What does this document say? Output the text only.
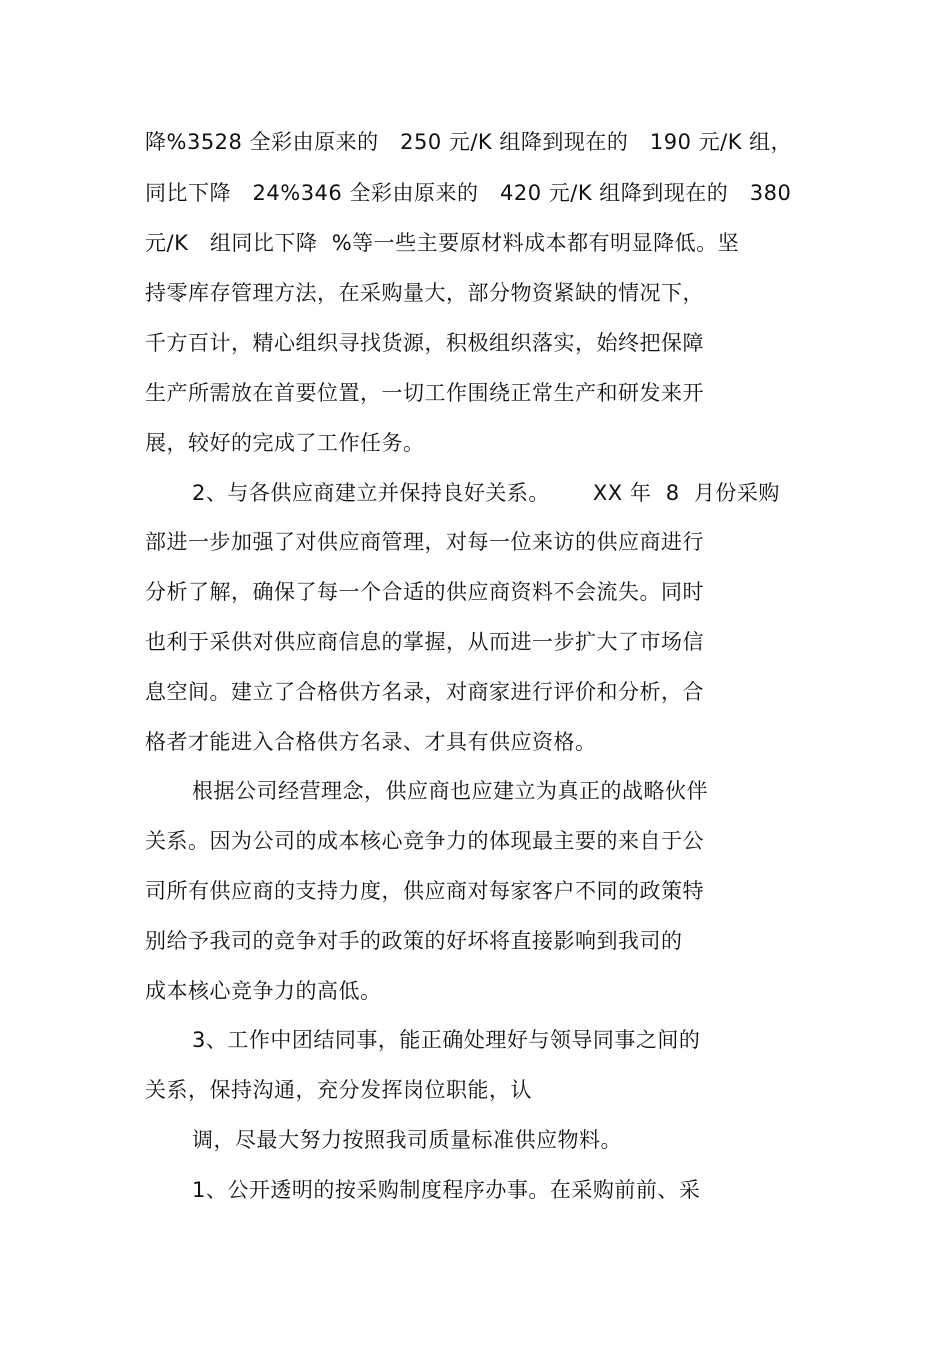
降%3528 全彩由原来的   250 元/K 组降到现在的   190 元/K 组，
同比下降   24%346 全彩由原来的   420 元/K 组降到现在的   380
元/K   组同比下降  %等一些主要原材料成本都有明显降低。坚
持零库存管理方法，在采购量大，部分物资紧缺的情况下，
千方百计，精心组织寻找货源，积极组织落实，始终把保障
生产所需放在首要位置，一切工作围绕正常生产和研发来开
展，较好的完成了工作任务。
2、与各供应商建立并保持良好关系。      XX 年  8  月份采购
部进一步加强了对供应商管理，对每一位来访的供应商进行
分析了解，确保了每一个合适的供应商资料不会流失。同时
也利于采供对供应商信息的掌握，从而进一步扩大了市场信
息空间。建立了合格供方名录，对商家进行评价和分析，合
格者才能进入合格供方名录、才具有供应资格。
根据公司经营理念，供应商也应建立为真正的战略伙伴
关系。因为公司的成本核心竞争力的体现最主要的来自于公
司所有供应商的支持力度，供应商对每家客户不同的政策特
别给予我司的竞争对手的政策的好坏将直接影响到我司的
成本核心竞争力的高低。
3、工作中团结同事，能正确处理好与领导同事之间的
关系，保持沟通，充分发挥岗位职能，认
调，尽最大努力按照我司质量标准供应物料。
1、公开透明的按采购制度程序办事。在采购前前、采
